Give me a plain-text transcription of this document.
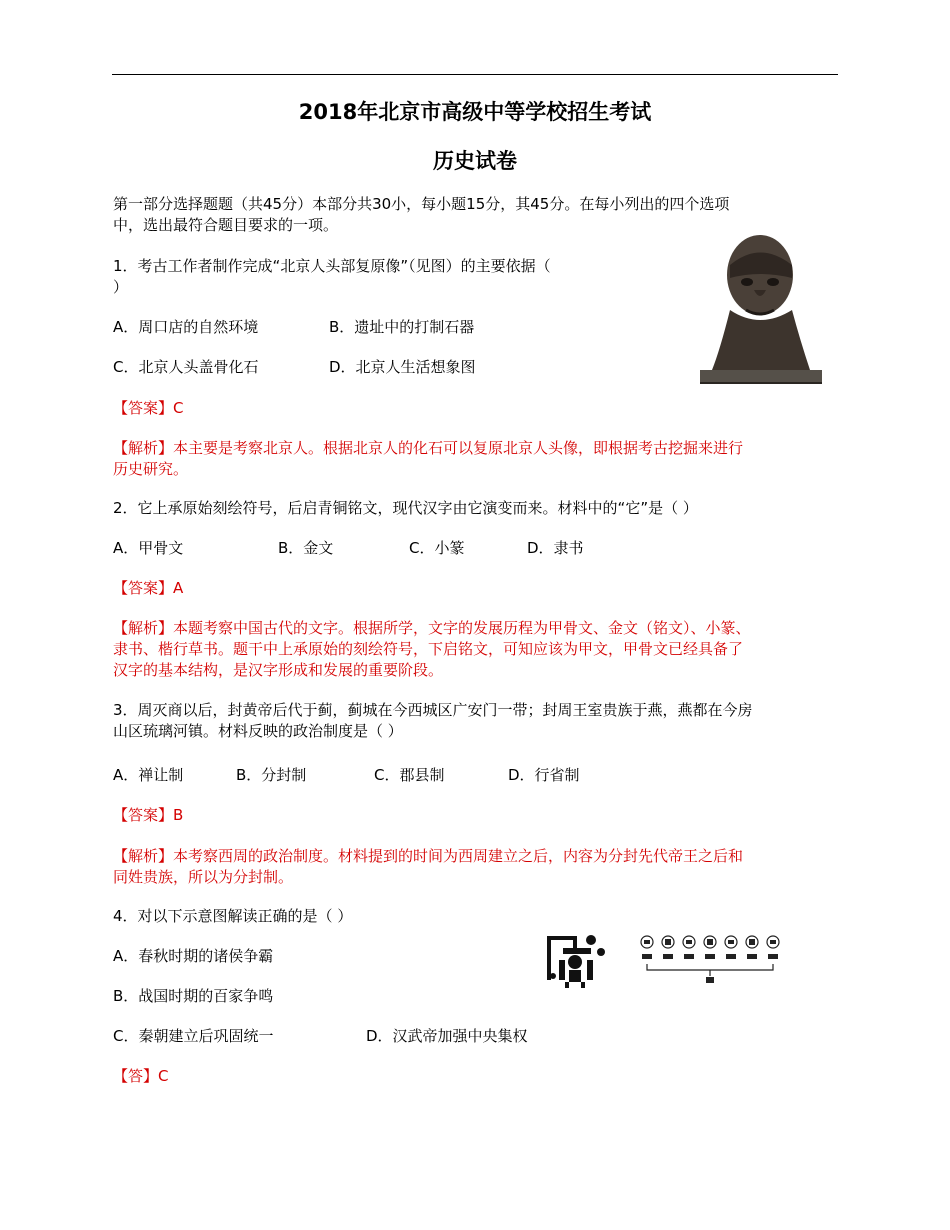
2018年北京市高级中等学校招生考试
历史试卷
第一部分选择题题（共45分）本部分共30小，每小题15分，其45分。在每小列出的四个选项
中，选出最符合题目要求的一项。
1．考古工作者制作完成“北京人头部复原像”（见图）的主要依据（
）
A．周口店的自然环境	B．遗址中的打制石器
C．北京人头盖骨化石	D．北京人生活想象图
【答案】C
【解析】本主要是考察北京人。根据北京人的化石可以复原北京人头像，即根据考古挖掘来进行
历史研究。
2．它上承原始刻绘符号，后启青铜铭文，现代汉字由它演变而来。材料中的“它”是（ ）
A．甲骨文	B．金文	C．小篆	D．隶书
【答案】A
【解析】本题考察中国古代的文字。根据所学，文字的发展历程为甲骨文、金文（铭文）、小篆、
隶书、楷行草书。题干中上承原始的刻绘符号，下启铭文，可知应该为甲文，甲骨文已经具备了
汉字的基本结构，是汉字形成和发展的重要阶段。
3．周灭商以后，封黄帝后代于蓟，蓟城在今西城区广安门一带；封周王室贵族于燕，燕都在今房
山区琉璃河镇。材料反映的政治制度是（ ）
A．禅让制	B．分封制	C．郡县制	D．行省制
【答案】B
【解析】本考察西周的政治制度。材料提到的时间为西周建立之后，内容为分封先代帝王之后和
同姓贵族，所以为分封制。
4．对以下示意图解读正确的是（ ）
A．春秋时期的诸侯争霸
B．战国时期的百家争鸣
C．秦朝建立后巩固统一	D．汉武帝加强中央集权
【答】C
